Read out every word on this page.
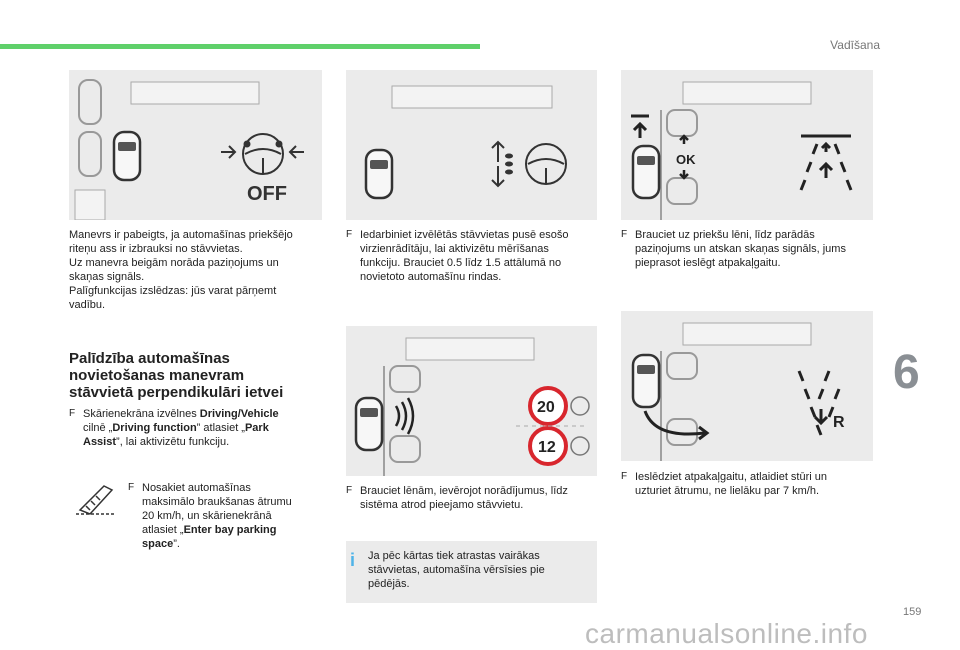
Vadīšana
6
159
carmanualsonline.info
OFF
OK
20
12
R
Manevrs ir pabeigts, ja automašīnas priekšējo
riteņu ass ir izbrauksi no stāvvietas.
Uz manevra beigām norāda paziņojums un
skaņas signāls.
Palīgfunkcijas izslēdzas: jūs varat pārņemt
vadību.
Palīdzība automašīnas
novietošanas manevram
stāvvietā perpendikulāri ietvei
F Skārienekrāna izvēlnes Driving/Vehicle
cilnē „Driving function” atlasiet „Park
Assist”, lai aktivizētu funkciju.
F Nosakiet automašīnas
maksimālo braukšanas ātrumu
20 km/h, un skārienekrānā
atlasiet „Enter bay parking
space”.
F Iedarbiniet izvēlētās stāvvietas pusē esošo
virzienrādītāju, lai aktivizētu mērīšanas
funkciju. Brauciet 0.5 līdz 1.5 attālumā no
novietoto automašīnu rindas.
F Brauciet lēnām, ievērojot norādījumus, līdz
sistēma atrod pieejamo stāvvietu.
i Ja pēc kārtas tiek atrastas vairākas
stāvvietas, automašīna vērsīsies pie
pēdējās.
F Brauciet uz priekšu lēni, līdz parādās
paziņojums un atskan skaņas signāls, jums
pieprasot ieslēgt atpakaļgaitu.
F Ieslēdziet atpakaļgaitu, atlaidiet stūri un
uzturiet ātrumu, ne lielāku par 7 km/h.
